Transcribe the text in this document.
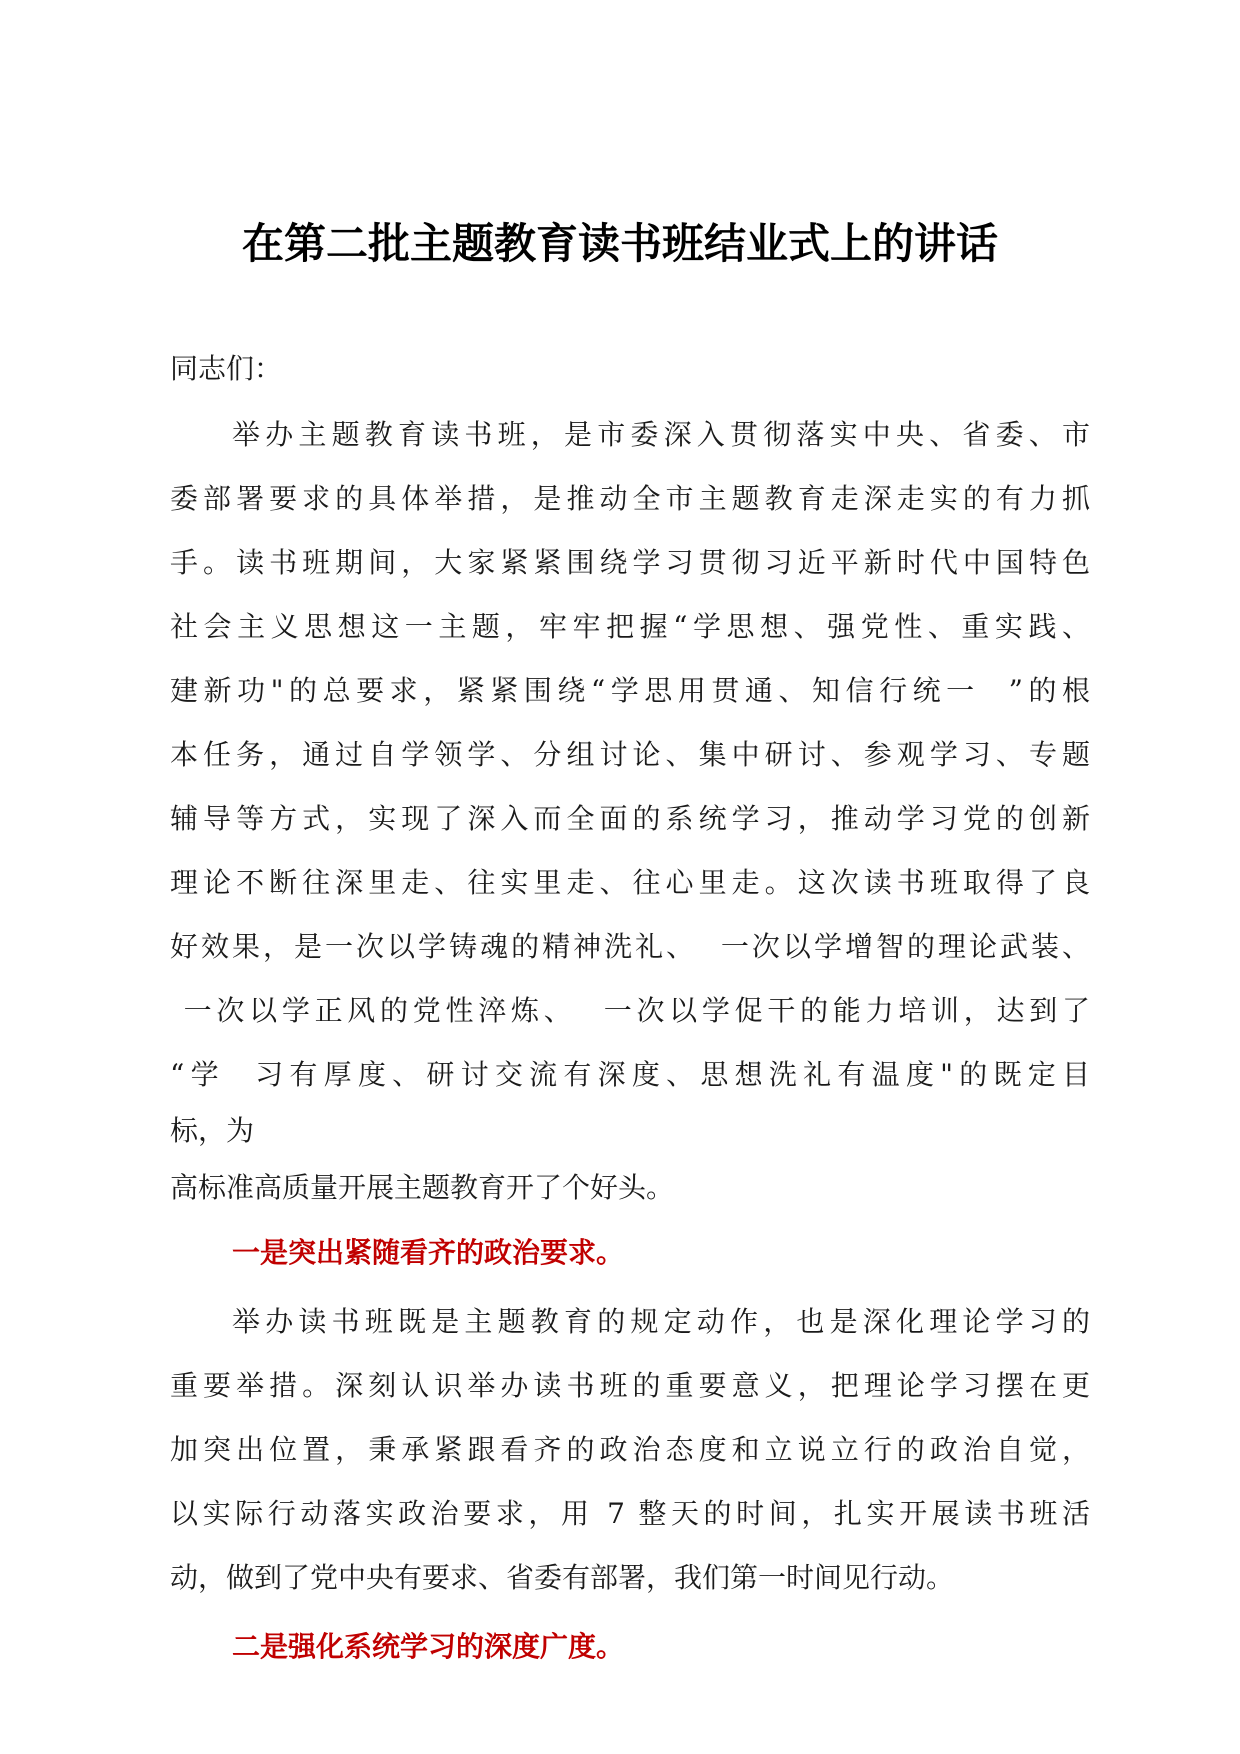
在第二批主题教育读书班结业式上的讲话

同志们：

举办主题教育读书班，是市委深入贯彻落实中央、省委、市

委部署要求的具体举措，是推动全市主题教育走深走实的有力抓

手。读书班期间，大家紧紧围绕学习贯彻习近平新时代中国特色

社会主义思想这一主题，牢牢把握“学思想、强党性、重实践、

建新功"的总要求，紧紧围绕“学思用贯通、知信行统一  ”的根

本任务，通过自学领学、分组讨论、集中研讨、参观学习、专题

辅导等方式，实现了深入而全面的系统学习，推动学习党的创新

理论不断往深里走、往实里走、往心里走。这次读书班取得了良

好效果，是一次以学铸魂的精神洗礼、  一次以学增智的理论武装、

一次以学正风的党性淬炼、  一次以学促干的能力培训，达到了

“学  习有厚度、研讨交流有深度、思想洗礼有温度"的既定目

标，为

高标准高质量开展主题教育开了个好头。

一是突出紧随看齐的政治要求。

举办读书班既是主题教育的规定动作，也是深化理论学习的

重要举措。深刻认识举办读书班的重要意义，把理论学习摆在更

加突出位置，秉承紧跟看齐的政治态度和立说立行的政治自觉，

以实际行动落实政治要求，用 7 整天的时间，扎实开展读书班活

动，做到了党中央有要求、省委有部署，我们第一时间见行动。

二是强化系统学习的深度广度。
